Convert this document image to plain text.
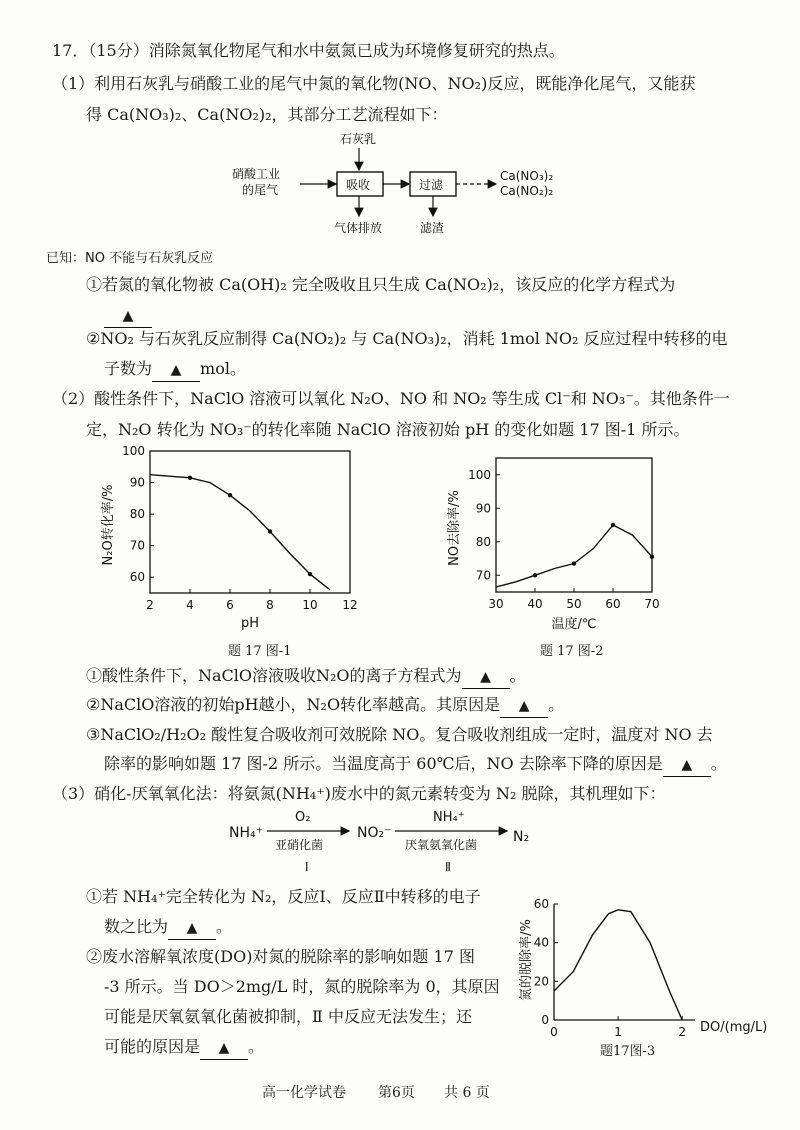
17．（15分）消除氮氧化物尾气和水中氨氮已成为环境修复研究的热点。
（1）利用石灰乳与硝酸工业的尾气中氮的氧化物(NO、NO₂)反应，既能净化尾气，又能获
得 Ca(NO₃)₂、Ca(NO₂)₂，其部分工艺流程如下：
石灰乳
硝酸工业
的尾气	吸收	过滤
Ca(NO₃)₂
Ca(NO₂)₂
气体排放	滤渣
已知：NO 不能与石灰乳反应
①若氮的氧化物被 Ca(OH)₂ 完全吸收且只生成 Ca(NO₂)₂，该反应的化学方程式为
▲
②NO₂ 与石灰乳反应制得 Ca(NO₂)₂ 与 Ca(NO₃)₂，消耗 1mol NO₂ 反应过程中转移的电
子数为 ▲ mol。
（2）酸性条件下，NaClO 溶液可以氧化 N₂O、NO 和 NO₂ 等生成 Cl⁻和 NO₃⁻。其他条件一
定，N₂O 转化为 NO₃⁻的转化率随 NaClO 溶液初始 pH 的变化如题 17 图-1 所示。
2	4	6	8 10 12
60
70
80
90
100
pH
N₂O转化率/%
题 17 图-1
30 40 50 60 70
70
80
90
100
温度/℃
NO去除率/%
题 17 图-2
①酸性条件下，NaClO溶液吸收N₂O的离子方程式为 ▲ 。
②NaClO溶液的初始pH越小，N₂O转化率越高。其原因是 ▲ 。
③NaClO₂/H₂O₂ 酸性复合吸收剂可效脱除 NO。复合吸收剂组成一定时，温度对 NO 去
除率的影响如题 17 图-2 所示。当温度高于 60℃后，NO 去除率下降的原因是 ▲ 。
（3）硝化-厌氧氧化法：将氨氮(NH₄⁺)废水中的氮元素转变为 N₂ 脱除，其机理如下：
NH₄⁺
O₂
亚硝化菌
NO₂⁻
NH₄⁺
厌氧氨氧化菌	N₂
Ⅰ	Ⅱ
①若 NH₄⁺完全转化为 N₂，反应Ⅰ、反应Ⅱ中转移的电子
数之比为 ▲ 。
②废水溶解氧浓度(DO)对氮的脱除率的影响如题 17 图
-3 所示。当 DO＞2mg/L 时，氮的脱除率为 0，其原因
可能是厌氧氨氧化菌被抑制，Ⅱ 中反应无法发生；还
可能的原因是 ▲ 。
0	1	2
0
20
40
60
DO/(mg/L)
氮的脱除率/%
题17图-3
高一化学试卷 第6页 共 6 页
